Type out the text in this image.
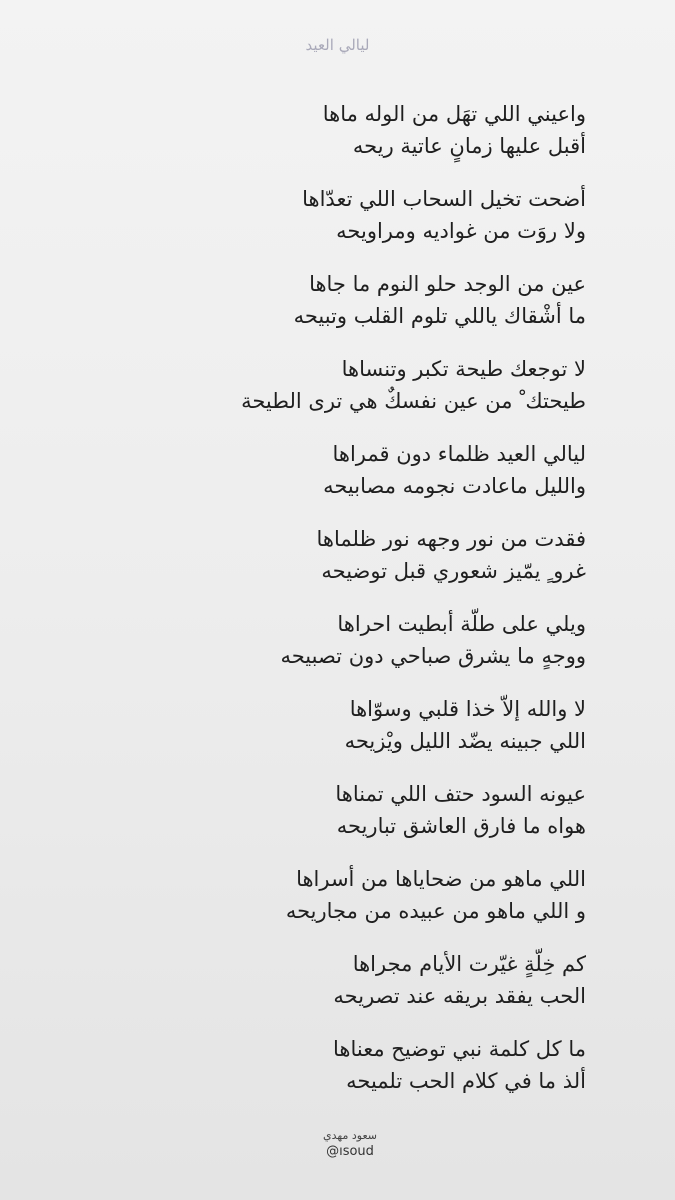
ليالي العيد
واعيني اللي تهَل من الوله ماها
أقبل عليها زمانٍ عاتية ريحه
أضحت تخيل السحاب اللي تعدّاها
ولا روَت من غواديه ومراويحه
عين من الوجد حلو النوم ما جاها
ما أشْقاك ياللي تلوم القلب وتبيحه
لا توجعك طيحة تكبر وتنساها
طيحتك ْ من عين نفسكٌ هي ترى الطيحة
ليالي العيد ظلماء دون قمراها
والليل ماعادت نجومه مصابيحه
فقدت من نور وجهه نور ظلماها
غرو ٍ يمّيز شعوري قبل توضيحه
ويلي على طلّة أبطيت احراها
ووجهٍ ما يشرق صباحي دون تصبيحه
لا والله إلاّ خذا قلبي وسوّاها
اللي جبينه يضّد الليل ويْزيحه
عيونه السود حتف اللي تمناها
هواه ما فارق العاشق تباريحه
اللي ماهو من ضحاياها من أسراها
و اللي ماهو من عبيده من مجاريحه
كم خِلّةٍ غيّرت الأيام مجراها
الحب يفقد بريقه عند تصريحه
ما كل كلمة نبي توضيح معناها
ألذ ما في كلام الحب تلميحه
سعود مهدي
@ısoud
